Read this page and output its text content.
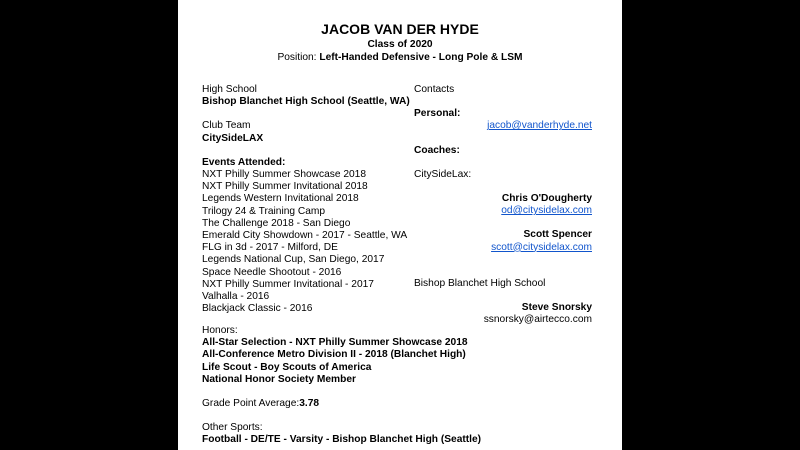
JACOB VAN DER HYDE
Class of 2020
Position: Left-Handed Defensive - Long Pole & LSM
High School
Bishop Blanchet High School (Seattle, WA)
Club Team
CitySideLAX
Events Attended:
NXT Philly Summer Showcase 2018
NXT Philly Summer Invitational 2018
Legends Western Invitational 2018
Trilogy 24 & Training Camp
The Challenge 2018 - San Diego
Emerald City Showdown - 2017 - Seattle, WA
FLG in 3d - 2017 - Milford, DE
Legends National Cup, San Diego, 2017
Space Needle Shootout - 2016
NXT Philly Summer Invitational - 2017
Valhalla - 2016
Blackjack Classic - 2016
Contacts
Personal:
jacob@vanderhyde.net
Coaches:
CitySideLax:
Chris O'Dougherty
od@citysidelax.com
Scott Spencer
scott@citysidelax.com
Bishop Blanchet High School
Steve Snorsky
ssnorsky@airtecco.com
Honors:
All-Star Selection - NXT Philly Summer Showcase 2018
All-Conference Metro Division II - 2018 (Blanchet High)
Life Scout - Boy Scouts of America
National Honor Society Member
Grade Point Average:3.78
Other Sports:
Football - DE/TE - Varsity - Bishop Blanchet High (Seattle)
